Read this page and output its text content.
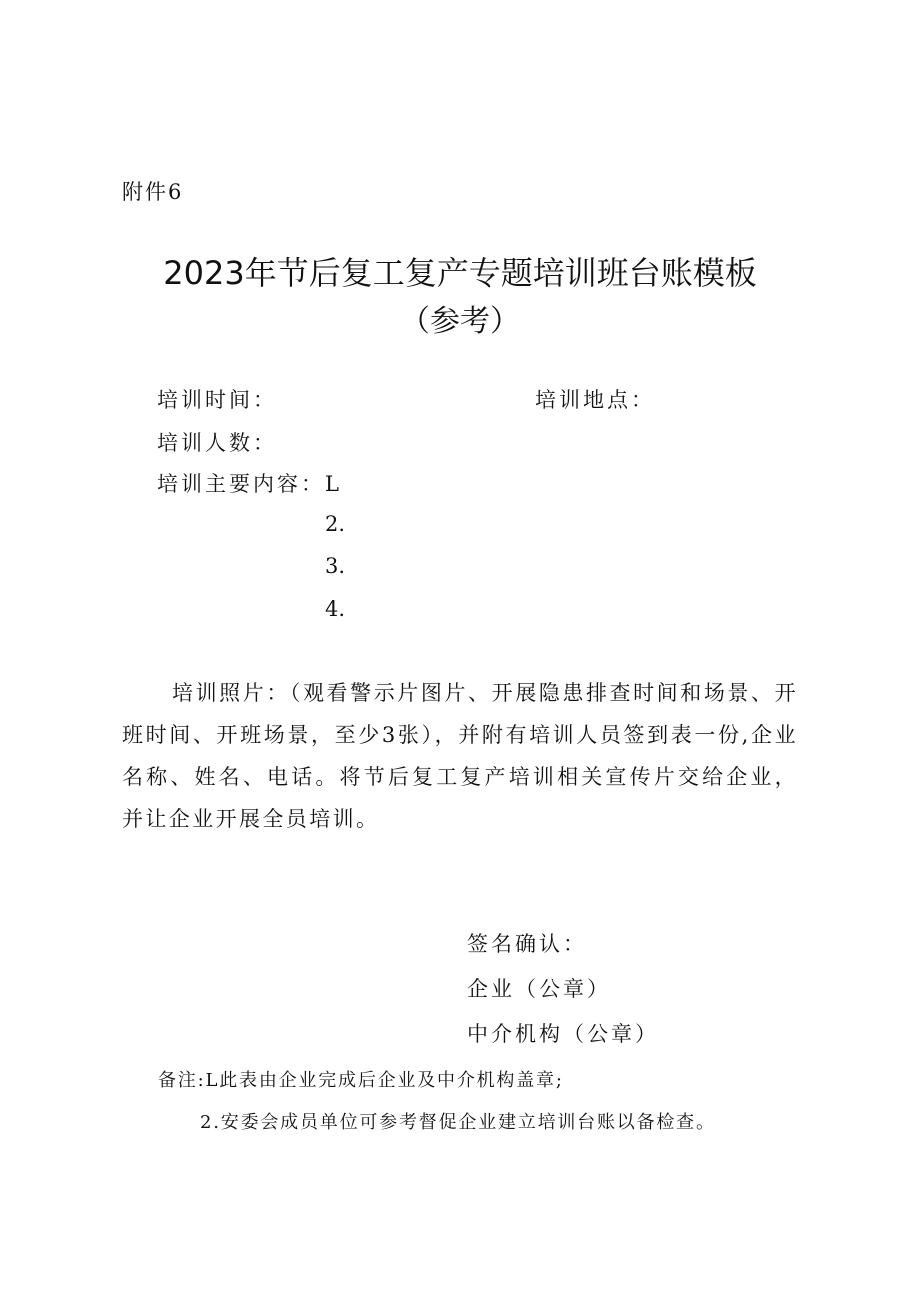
附件6
2023年节后复工复产专题培训班台账模板
（参考）
培训时间：	培训地点：
培训人数：
培训主要内容：L
2.
3.
4.
培训照片：（观看警示片图片、开展隐患排查时间和场景、开班时间、开班场景，至少3张），并附有培训人员签到表一份,企业名称、姓名、电话。将节后复工复产培训相关宣传片交给企业，并让企业开展全员培训。
签名确认：
企业（公章）
中介机构（公章）
备注:L此表由企业完成后企业及中介机构盖章;
2.安委会成员单位可参考督促企业建立培训台账以备检查。
